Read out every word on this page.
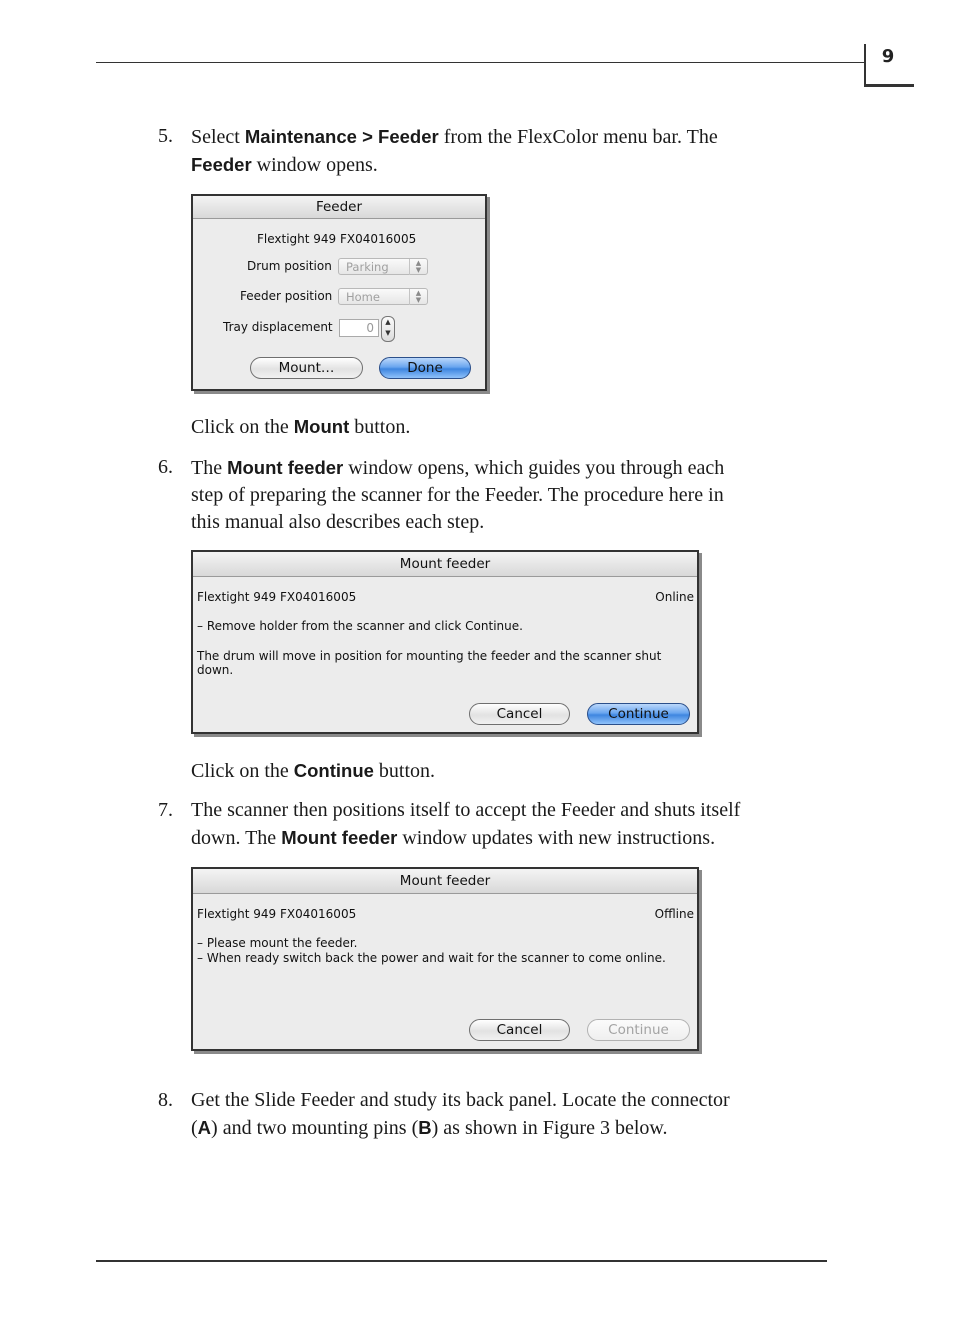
9
5. Select Maintenance > Feeder from the FlexColor menu bar. The
Feeder window opens.
Feeder
Flextight 949 FX04016005
Drum position	Parking	▲
▼
Feeder position	Home	▲
▼
Tray displacement	0	▲
▼
Mount…	Done
Click on the Mount button.
6. The Mount feeder window opens, which guides you through each
step of preparing the scanner for the Feeder. The procedure here in
this manual also describes each step.
Mount feeder
Flextight 949 FX04016005	Online
– Remove holder from the scanner and click Continue.
The drum will move in position for mounting the feeder and the scanner shut
down.
Cancel	Continue
Click on the Continue button.
7. The scanner then positions itself to accept the Feeder and shuts itself
down. The Mount feeder window updates with new instructions.
Mount feeder
Flextight 949 FX04016005	Offline
– Please mount the feeder.
– When ready switch back the power and wait for the scanner to come online.
Cancel	Continue
8. Get the Slide Feeder and study its back panel. Locate the connector
(A) and two mounting pins (B) as shown in Figure 3 below.
